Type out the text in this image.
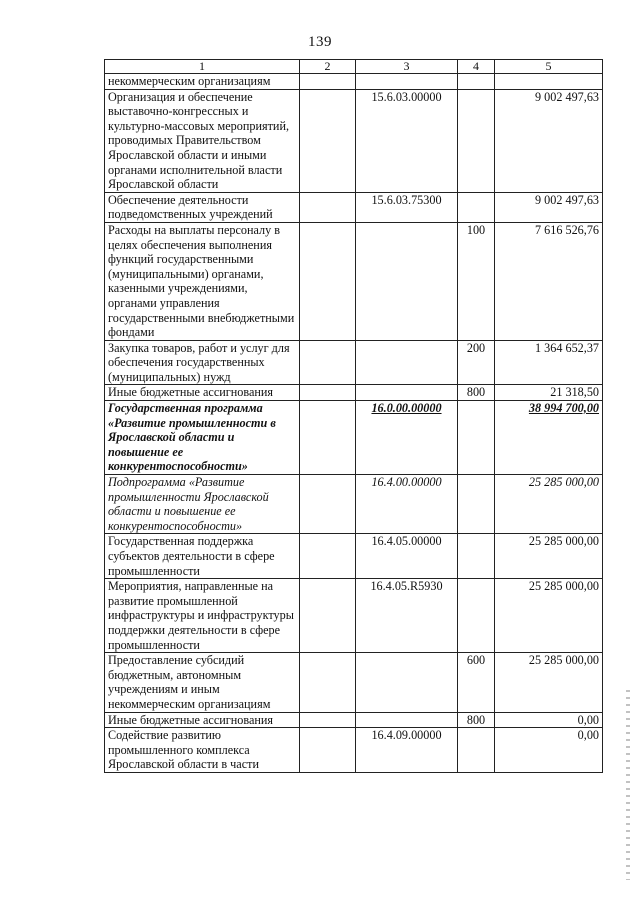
139
1	2	3	4	5
некоммерческим организациям				
Организация и обеспечение выставочно-конгрессных и культурно-массовых мероприятий, проводимых Правительством Ярославской области и иными органами исполнительной власти Ярославской области		15.6.03.00000		9 002 497,63
Обеспечение деятельности подведомственных учреждений		15.6.03.75300		9 002 497,63
Расходы на выплаты персоналу в целях обеспечения выполнения функций государственными (муниципальными) органами, казенными учреждениями, органами управления государственными внебюджетными фондами			100	7 616 526,76
Закупка товаров, работ и услуг для обеспечения государственных (муниципальных) нужд			200	1 364 652,37
Иные бюджетные ассигнования			800	21 318,50
Государственная программа «Развитие промышленности в Ярославской области и повышение ее конкурентоспособности»		16.0.00.00000		38 994 700,00
Подпрограмма «Развитие промышленности Ярославской области и повышение ее конкурентоспособности»		16.4.00.00000		25 285 000,00
Государственная поддержка субъектов деятельности в сфере промышленности		16.4.05.00000		25 285 000,00
Мероприятия, направленные на развитие промышленной инфраструктуры и инфраструктуры поддержки деятельности в сфере промышленности		16.4.05.R5930		25 285 000,00
Предоставление субсидий бюджетным, автономным учреждениям и иным некоммерческим организациям			600	25 285 000,00
Иные бюджетные ассигнования			800	0,00
Содействие развитию промышленного комплекса Ярославской области в части		16.4.09.00000		0,00
